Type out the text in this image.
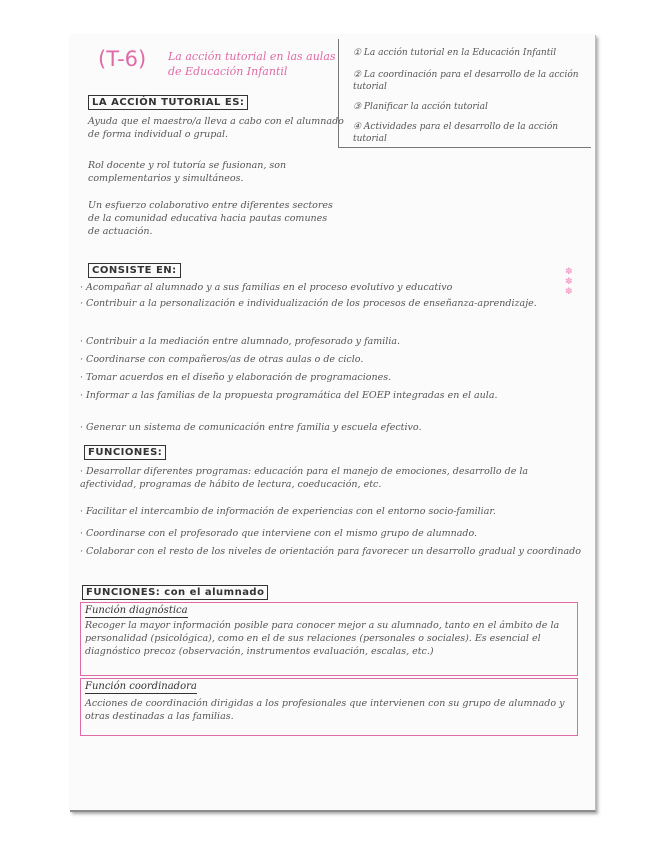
(T-6) La acción tutorial en las aulas de Educación Infantil
① La acción tutorial en la Educación Infantil
② La coordinación para el desarrollo de la acción tutorial
③ Planificar la acción tutorial
④ Actividades para el desarrollo de la acción tutorial
LA ACCIÓN TUTORIAL ES:
Ayuda que el maestro/a lleva a cabo con el alumnado de forma individual o grupal.
Rol docente y rol tutoría se fusionan, son complementarios y simultáneos.
Un esfuerzo colaborativo entre diferentes sectores de la comunidad educativa hacia pautas comunes de actuación.
CONSISTE EN:	✽
✽
✽
· Acompañar al alumnado y a sus familias en el proceso evolutivo y educativo
· Contribuir a la personalización e individualización de los procesos de enseñanza-aprendizaje.
· Contribuir a la mediación entre alumnado, profesorado y familia.
· Coordinarse con compañeros/as de otras aulas o de ciclo.
· Tomar acuerdos en el diseño y elaboración de programaciones.
· Informar a las familias de la propuesta programática del EOEP integradas en el aula.
· Generar un sistema de comunicación entre familia y escuela efectivo.
FUNCIONES:
· Desarrollar diferentes programas: educación para el manejo de emociones, desarrollo de la afectividad, programas de hábito de lectura, coeducación, etc.
· Facilitar el intercambio de información de experiencias con el entorno socio-familiar.
· Coordinarse con el profesorado que interviene con el mismo grupo de alumnado.
· Colaborar con el resto de los niveles de orientación para favorecer un desarrollo gradual y coordinado
FUNCIONES: con el alumnado
Función diagnóstica
Recoger la mayor información posible para conocer mejor a su alumnado, tanto en el ámbito de la personalidad (psicológica), como en el de sus relaciones (personales o sociales). Es esencial el diagnóstico precoz (observación, instrumentos evaluación, escalas, etc.)
Función coordinadora
Acciones de coordinación dirigidas a los profesionales que intervienen con su grupo de alumnado y otras destinadas a las familias.
